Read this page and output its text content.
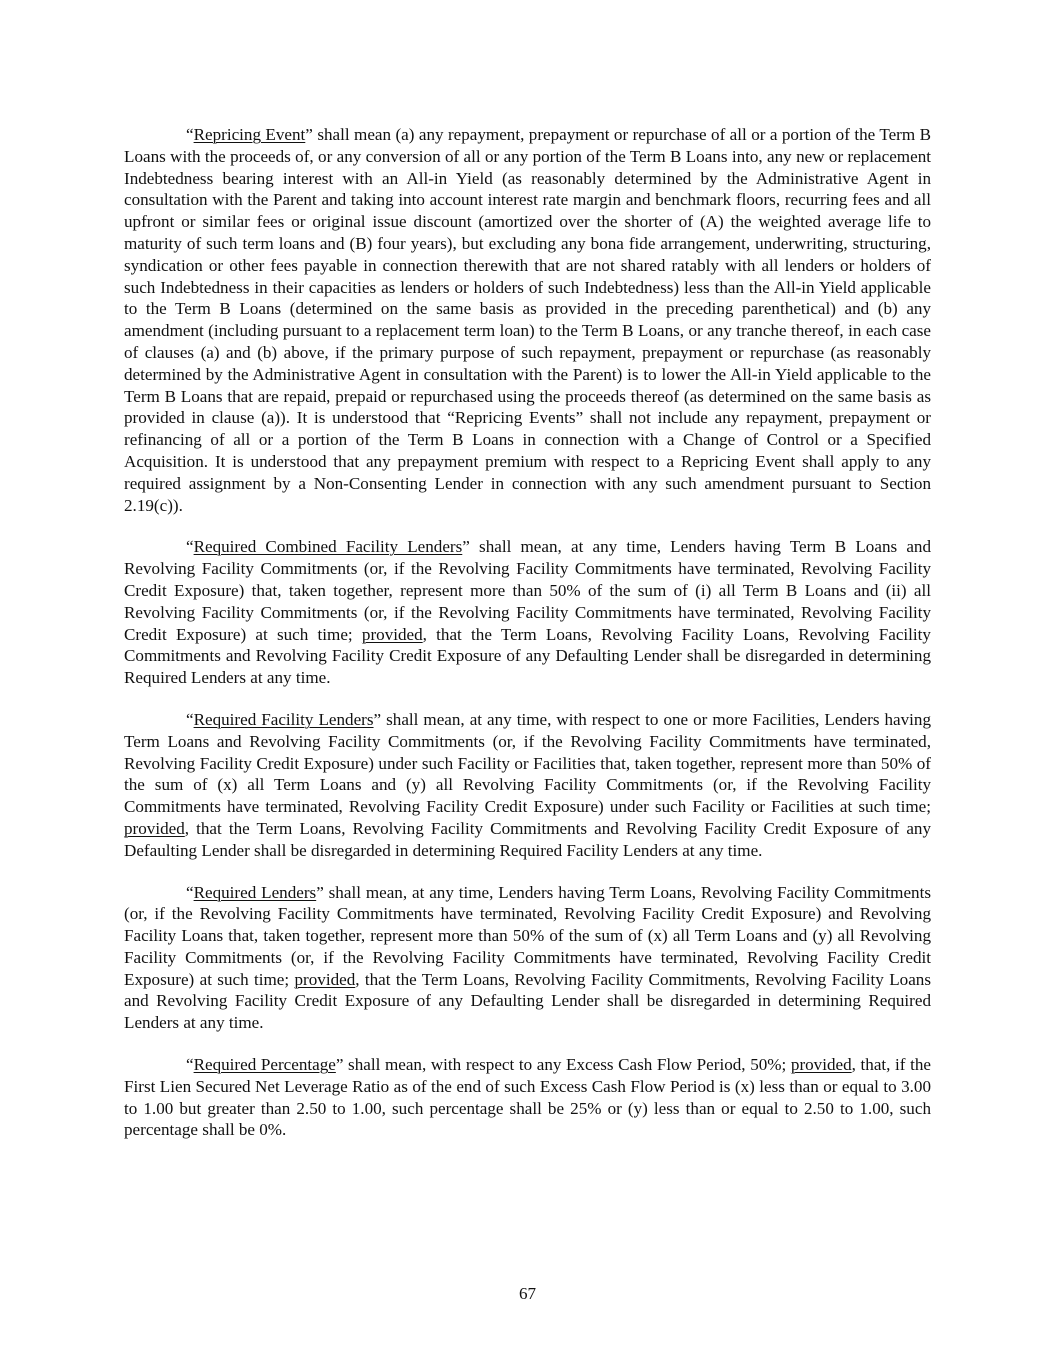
“Repricing Event” shall mean (a) any repayment, prepayment or repurchase of all or a portion of the Term B Loans with the proceeds of, or any conversion of all or any portion of the Term B Loans into, any new or replacement Indebtedness bearing interest with an All-in Yield (as reasonably determined by the Administrative Agent in consultation with the Parent and taking into account interest rate margin and benchmark floors, recurring fees and all upfront or similar fees or original issue discount (amortized over the shorter of (A) the weighted average life to maturity of such term loans and (B) four years), but excluding any bona fide arrangement, underwriting, structuring, syndication or other fees payable in connection therewith that are not shared ratably with all lenders or holders of such Indebtedness in their capacities as lenders or holders of such Indebtedness) less than the All-in Yield applicable to the Term B Loans (determined on the same basis as provided in the preceding parenthetical) and (b) any amendment (including pursuant to a replacement term loan) to the Term B Loans, or any tranche thereof, in each case of clauses (a) and (b) above, if the primary purpose of such repayment, prepayment or repurchase (as reasonably determined by the Administrative Agent in consultation with the Parent) is to lower the All-in Yield applicable to the Term B Loans that are repaid, prepaid or repurchased using the proceeds thereof (as determined on the same basis as provided in clause (a)). It is understood that “Repricing Events” shall not include any repayment, prepayment or refinancing of all or a portion of the Term B Loans in connection with a Change of Control or a Specified Acquisition. It is understood that any prepayment premium with respect to a Repricing Event shall apply to any required assignment by a Non-Consenting Lender in connection with any such amendment pursuant to Section 2.19(c)).

“Required Combined Facility Lenders” shall mean, at any time, Lenders having Term B Loans and Revolving Facility Commitments (or, if the Revolving Facility Commitments have terminated, Revolving Facility Credit Exposure) that, taken together, represent more than 50% of the sum of (i) all Term B Loans and (ii) all Revolving Facility Commitments (or, if the Revolving Facility Commitments have terminated, Revolving Facility Credit Exposure) at such time; provided, that the Term Loans, Revolving Facility Loans, Revolving Facility Commitments and Revolving Facility Credit Exposure of any Defaulting Lender shall be disregarded in determining Required Lenders at any time.

“Required Facility Lenders” shall mean, at any time, with respect to one or more Facilities, Lenders having Term Loans and Revolving Facility Commitments (or, if the Revolving Facility Commitments have terminated, Revolving Facility Credit Exposure) under such Facility or Facilities that, taken together, represent more than 50% of the sum of (x) all Term Loans and (y) all Revolving Facility Commitments (or, if the Revolving Facility Commitments have terminated, Revolving Facility Credit Exposure) under such Facility or Facilities at such time; provided, that the Term Loans, Revolving Facility Commitments and Revolving Facility Credit Exposure of any Defaulting Lender shall be disregarded in determining Required Facility Lenders at any time.

“Required Lenders” shall mean, at any time, Lenders having Term Loans, Revolving Facility Commitments (or, if the Revolving Facility Commitments have terminated, Revolving Facility Credit Exposure) and Revolving Facility Loans that, taken together, represent more than 50% of the sum of (x) all Term Loans and (y) all Revolving Facility Commitments (or, if the Revolving Facility Commitments have terminated, Revolving Facility Credit Exposure) at such time; provided, that the Term Loans, Revolving Facility Commitments, Revolving Facility Loans and Revolving Facility Credit Exposure of any Defaulting Lender shall be disregarded in determining Required Lenders at any time.

“Required Percentage” shall mean, with respect to any Excess Cash Flow Period, 50%; provided, that, if the First Lien Secured Net Leverage Ratio as of the end of such Excess Cash Flow Period is (x) less than or equal to 3.00 to 1.00 but greater than 2.50 to 1.00, such percentage shall be 25% or (y) less than or equal to 2.50 to 1.00, such percentage shall be 0%.

67
